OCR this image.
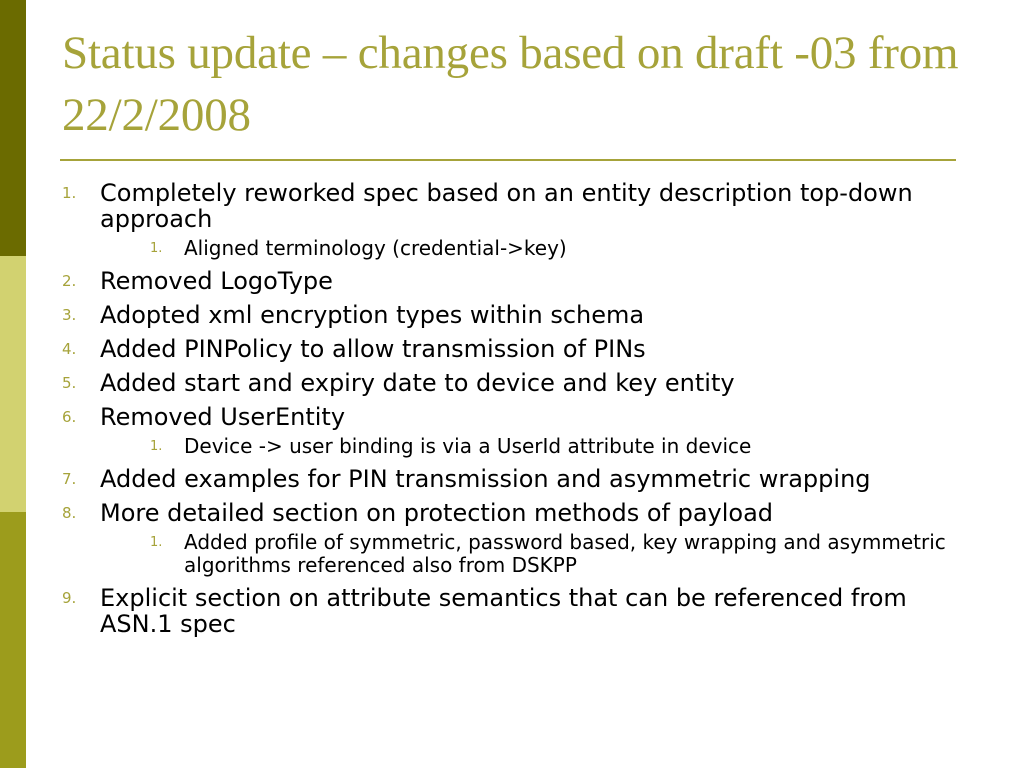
Status update – changes based on draft -03 from 22/2/2008
1. Completely reworked spec based on an entity description top-down approach
1.	Aligned terminology (credential->key)
2. Removed LogoType
3. Adopted xml encryption types within schema
4. Added PINPolicy to allow transmission of PINs
5. Added start and expiry date to device and key entity
6. Removed UserEntity
1.	Device -> user binding is via a UserId attribute in device
7. Added examples for PIN transmission and asymmetric wrapping
8. More detailed section on protection methods of payload
1.	Added profile of symmetric, password based, key wrapping and asymmetric algorithms referenced also from DSKPP
9. Explicit section on attribute semantics that can be referenced from ASN.1 spec
